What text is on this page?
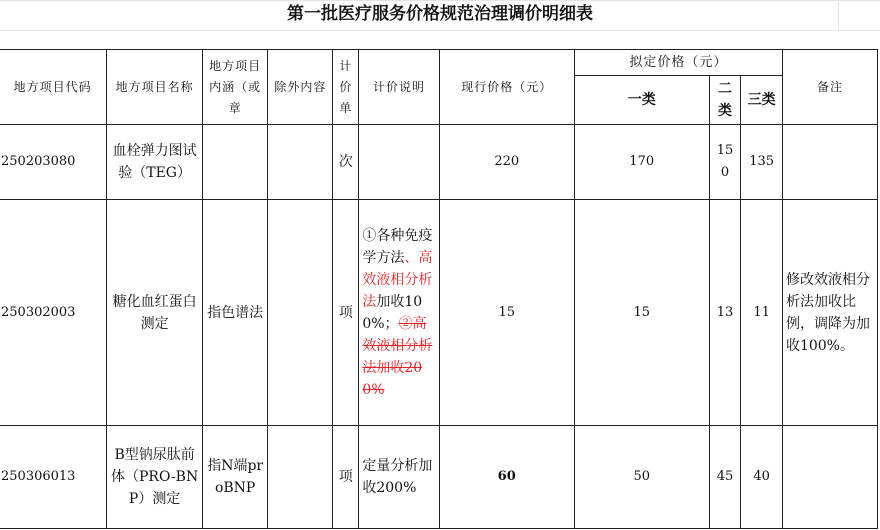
第一批医疗服务价格规范治理调价明细表
地方项目代码	地方项目名称	地方项目内涵（或章	除外内容	计价单	计价说明	现行价格（元）	拟定价格（元）			备注
							一类	二类	三类	
250203080	血栓弹力图试验（TEG）			次		220	170	150	135	
250302003	糖化血红蛋白测定	指色谱法		项	①各种免疫学方法、高效液相分析法加收100%；②高效液相分析法加收200%	15	15	13	11	修改效液相分析法加收比例，调降为加收100%。
250306013	B型钠尿肽前体（PRO-BNP）测定	指N端proBNP		项	定量分析加收200%	60	50	45	40	
